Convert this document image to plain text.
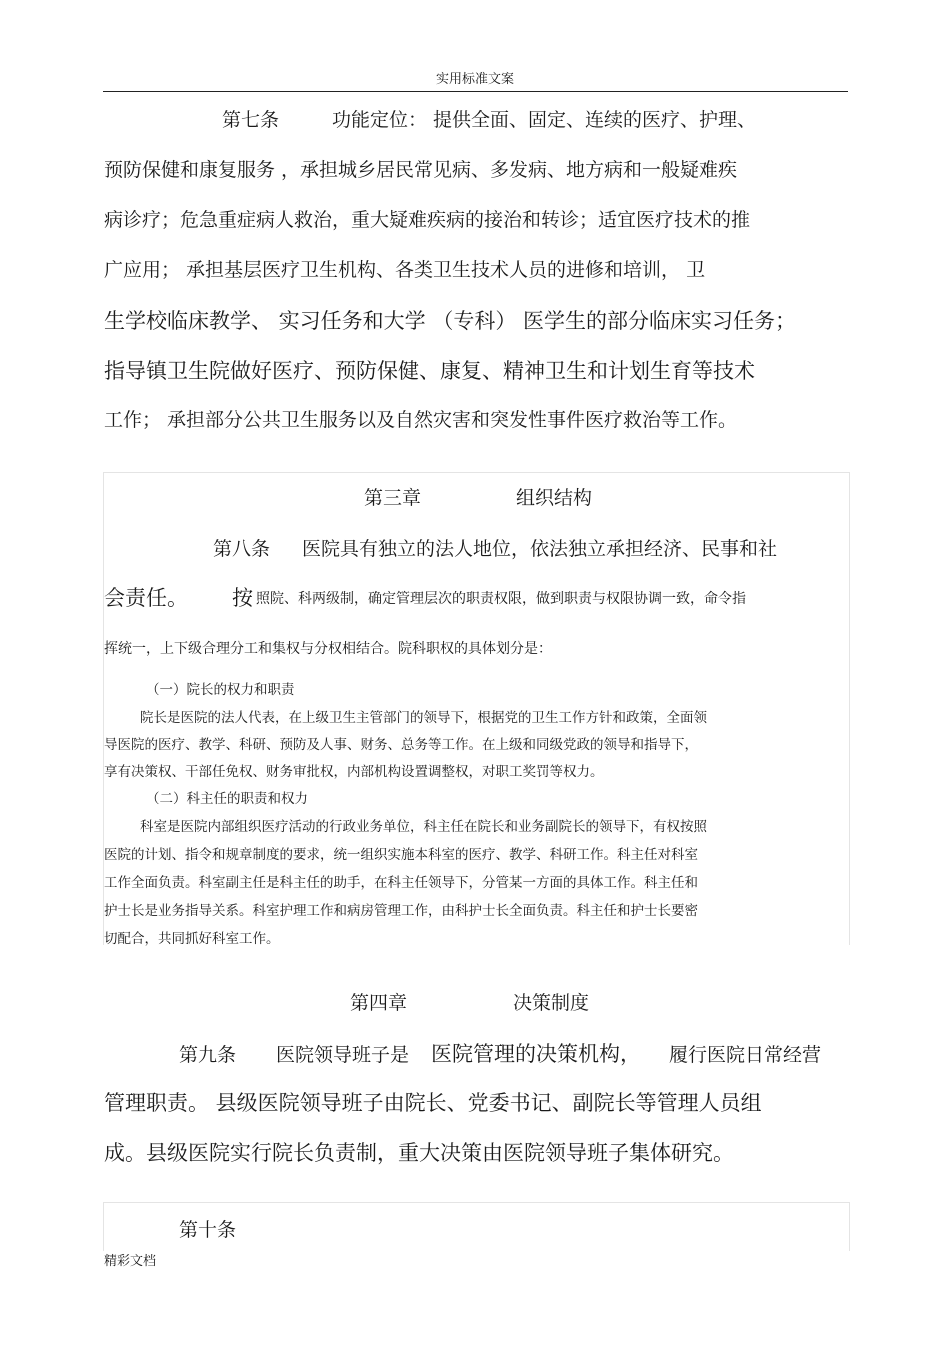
实用标准文案
第七条	功能定位： 提供全面、固定、连续的医疗、护理、
预防保健和康复服务 ，承担城乡居民常见病、多发病、地方病和一般疑难疾
病诊疗；危急重症病人救治，重大疑难疾病的接治和转诊；适宜医疗技术的推
广应用； 承担基层医疗卫生机构、各类卫生技术人员的进修和培训， 卫
生学校临床教学、 实习任务和大学 （专科） 医学生的部分临床实习任务；
指导镇卫生院做好医疗、预防保健、康复、精神卫生和计划生育等技术
工作； 承担部分公共卫生服务以及自然灾害和突发性事件医疗救治等工作。
第三章	组织结构
第八条 医院具有独立的法人地位，依法独立承担经济、民事和社
会责任。 按 照院、科两级制，确定管理层次的职责权限，做到职责与权限协调一致，命令指
挥统一，上下级合理分工和集权与分权相结合。院科职权的具体划分是：
（一）院长的权力和职责
院长是医院的法人代表，在上级卫生主管部门的领导下，根据党的卫生工作方针和政策，全面领
导医院的医疗、教学、科研、预防及人事、财务、总务等工作。在上级和同级党政的领导和指导下，
享有决策权、干部任免权、财务审批权，内部机构设置调整权，对职工奖罚等权力。
（二）科主任的职责和权力
科室是医院内部组织医疗活动的行政业务单位，科主任在院长和业务副院长的领导下，有权按照
医院的计划、指令和规章制度的要求，统一组织实施本科室的医疗、教学、科研工作。科主任对科室
工作全面负责。科室副主任是科主任的助手，在科主任领导下，分管某一方面的具体工作。科主任和
护士长是业务指导关系。科室护理工作和病房管理工作，由科护士长全面负责。科主任和护士长要密
切配合，共同抓好科室工作。
第四章	决策制度
第九条 医院领导班子是 医院管理的决策机构， 履行医院日常经营
管理职责。 县级医院领导班子由院长、党委书记、副院长等管理人员组
成。县级医院实行院长负责制，重大决策由医院领导班子集体研究。
第十条
精彩文档
